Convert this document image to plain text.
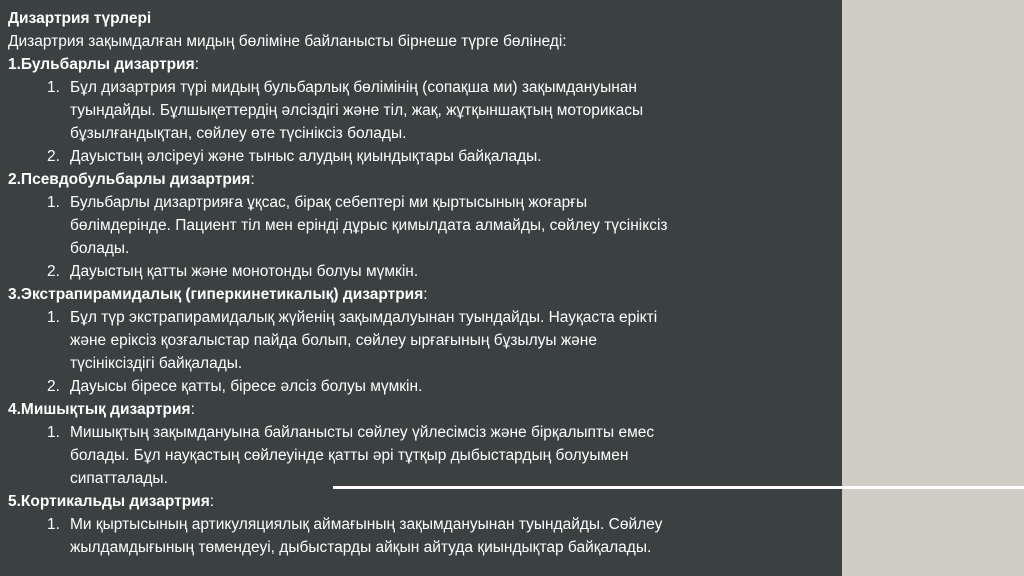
Дизартрия түрлері

Дизартрия зақымдалған мидың бөліміне байланысты бірнеше түрге бөлінеді:

1.Бульбарлы дизартрия:

1. Бұл дизартрия түрі мидың бульбарлық бөлімінің (сопақша ми) зақымдануынан
туындайды. Бұлшықеттердің әлсіздігі және тіл, жақ, жұтқыншақтың моторикасы
бұзылғандықтан, сөйлеу өте түсініксіз болады.
2. Дауыстың әлсіреуі және тыныс алудың қиындықтары байқалады.

2.Псевдобульбарлы дизартрия:

1. Бульбарлы дизартрияға ұқсас, бірақ себептері ми қыртысының жоғарғы
бөлімдерінде. Пациент тіл мен ерінді дұрыс қимылдата алмайды, сөйлеу түсініксіз
болады.
2. Дауыстың қатты және монотонды болуы мүмкін.

3.Экстрапирамидалық (гиперкинетикалық) дизартрия:

1. Бұл түр экстрапирамидалық жүйенің зақымдалуынан туындайды. Науқаста ерікті
және еріксіз қозғалыстар пайда болып, сөйлеу ырғағының бұзылуы және
түсініксіздігі байқалады.
2. Дауысы біресе қатты, біресе әлсіз болуы мүмкін.

4.Мишықтық дизартрия:

1. Мишықтың зақымдануына байланысты сөйлеу үйлесімсіз және бірқалыпты емес
болады. Бұл науқастың сөйлеуінде қатты әрі тұтқыр дыбыстардың болуымен
сипатталады.

5.Кортикальды дизартрия:

1. Ми қыртысының артикуляциялық аймағының зақымдануынан туындайды. Сөйлеу
жылдамдығының төмендеуі, дыбыстарды айқын айтуда қиындықтар байқалады.
